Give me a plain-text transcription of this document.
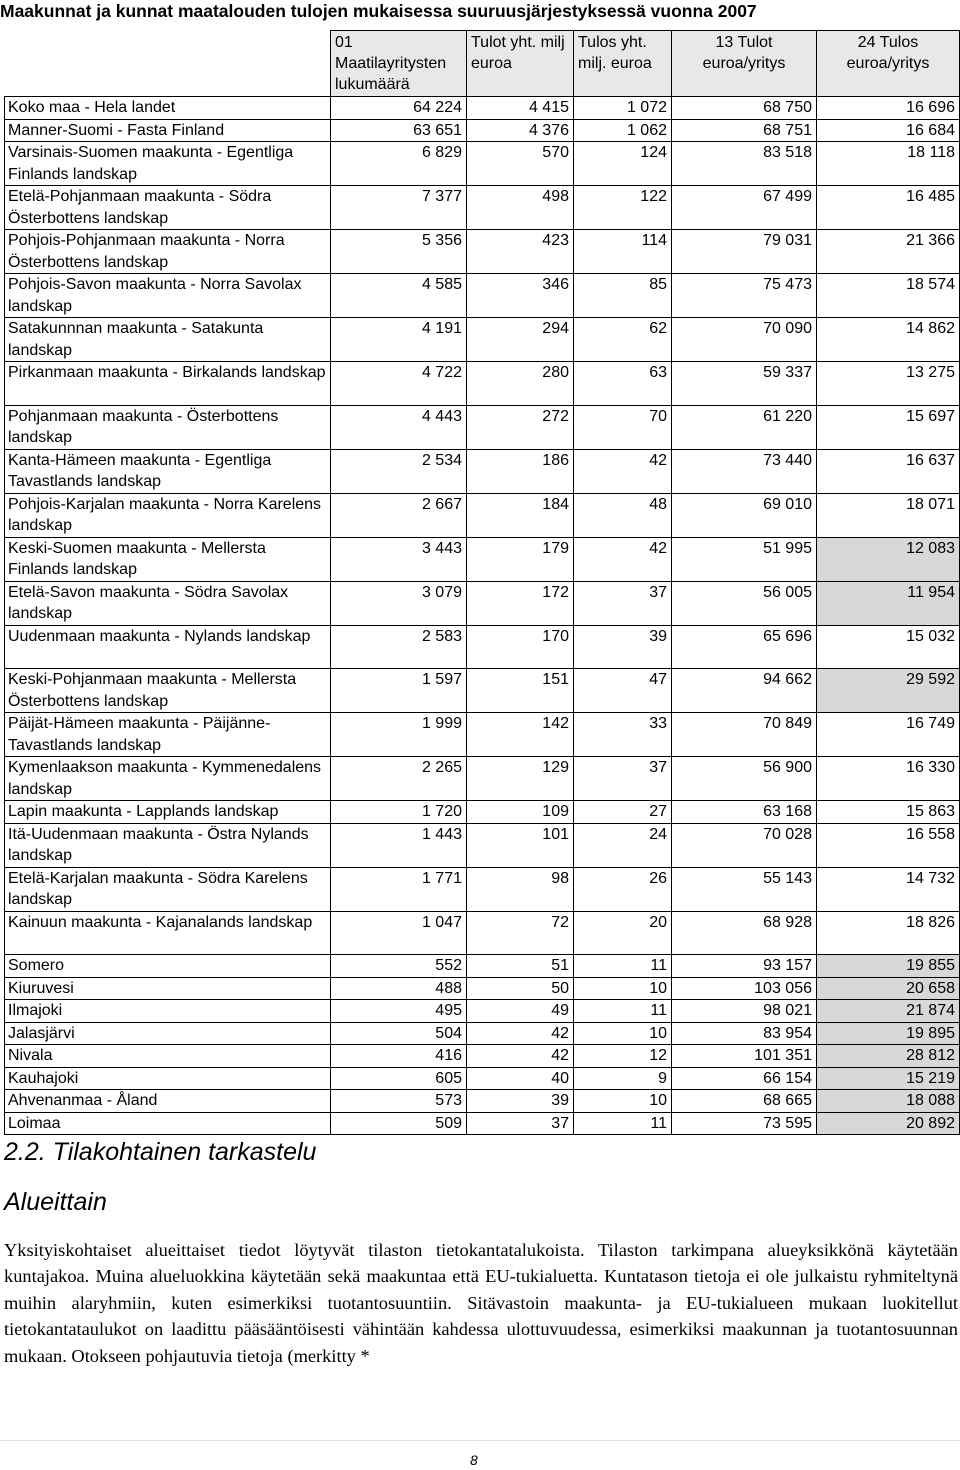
Maakunnat ja kunnat maatalouden tulojen mukaisessa suuruusjärjestyksessä vuonna 2007
	01 Maatilayritysten lukumäärä	Tulot yht. milj euroa	Tulos yht. milj. euroa	13 Tulot euroa/yritys	24 Tulos euroa/yritys
Koko maa - Hela landet	64 224	4 415	1 072	68 750	16 696
Manner-Suomi - Fasta Finland	63 651	4 376	1 062	68 751	16 684
Varsinais-Suomen maakunta - Egentliga Finlands landskap	6 829	570	124	83 518	18 118
Etelä-Pohjanmaan maakunta - Södra Österbottens landskap	7 377	498	122	67 499	16 485
Pohjois-Pohjanmaan maakunta - Norra Österbottens landskap	5 356	423	114	79 031	21 366
Pohjois-Savon maakunta - Norra Savolax landskap	4 585	346	85	75 473	18 574
Satakunnnan maakunta - Satakunta landskap	4 191	294	62	70 090	14 862
Pirkanmaan maakunta - Birkalands landskap	4 722	280	63	59 337	13 275
Pohjanmaan maakunta - Österbottens landskap	4 443	272	70	61 220	15 697
Kanta-Hämeen maakunta - Egentliga Tavastlands landskap	2 534	186	42	73 440	16 637
Pohjois-Karjalan maakunta - Norra Karelens landskap	2 667	184	48	69 010	18 071
Keski-Suomen maakunta - Mellersta Finlands landskap	3 443	179	42	51 995	12 083
Etelä-Savon maakunta - Södra Savolax landskap	3 079	172	37	56 005	11 954
Uudenmaan maakunta - Nylands landskap	2 583	170	39	65 696	15 032
Keski-Pohjanmaan maakunta - Mellersta Österbottens landskap	1 597	151	47	94 662	29 592
Päijät-Hämeen maakunta - Päijänne-Tavastlands landskap	1 999	142	33	70 849	16 749
Kymenlaakson maakunta - Kymmenedalens landskap	2 265	129	37	56 900	16 330
Lapin maakunta - Lapplands landskap	1 720	109	27	63 168	15 863
Itä-Uudenmaan maakunta - Östra Nylands landskap	1 443	101	24	70 028	16 558
Etelä-Karjalan maakunta - Södra Karelens landskap	1 771	98	26	55 143	14 732
Kainuun maakunta - Kajanalands landskap	1 047	72	20	68 928	18 826
Somero	552	51	11	93 157	19 855
Kiuruvesi	488	50	10	103 056	20 658
Ilmajoki	495	49	11	98 021	21 874
Jalasjärvi	504	42	10	83 954	19 895
Nivala	416	42	12	101 351	28 812
Kauhajoki	605	40	9	66 154	15 219
Ahvenanmaa - Åland	573	39	10	68 665	18 088
Loimaa	509	37	11	73 595	20 892
2.2. Tilakohtainen tarkastelu
Alueittain
Yksityiskohtaiset alueittaiset tiedot löytyvät tilaston tietokantatalukoista. Tilaston tarkimpana alueyksikkönä käytetään kuntajakoa. Muina alueluokkina käytetään sekä maakuntaa että EU-tukialuetta. Kuntatason tietoja ei ole julkaistu ryhmiteltynä muihin alaryhmiin, kuten esimerkiksi tuotantosuuntiin. Sitävastoin maakunta- ja EU-tukialueen mukaan luokitellut tietokantataulukot on laadittu pääsääntöisesti vähintään kahdessa ulottuvuudessa, esimerkiksi maakunnan ja tuotantosuunnan mukaan. Otokseen pohjautuvia tietoja (merkitty *
8
